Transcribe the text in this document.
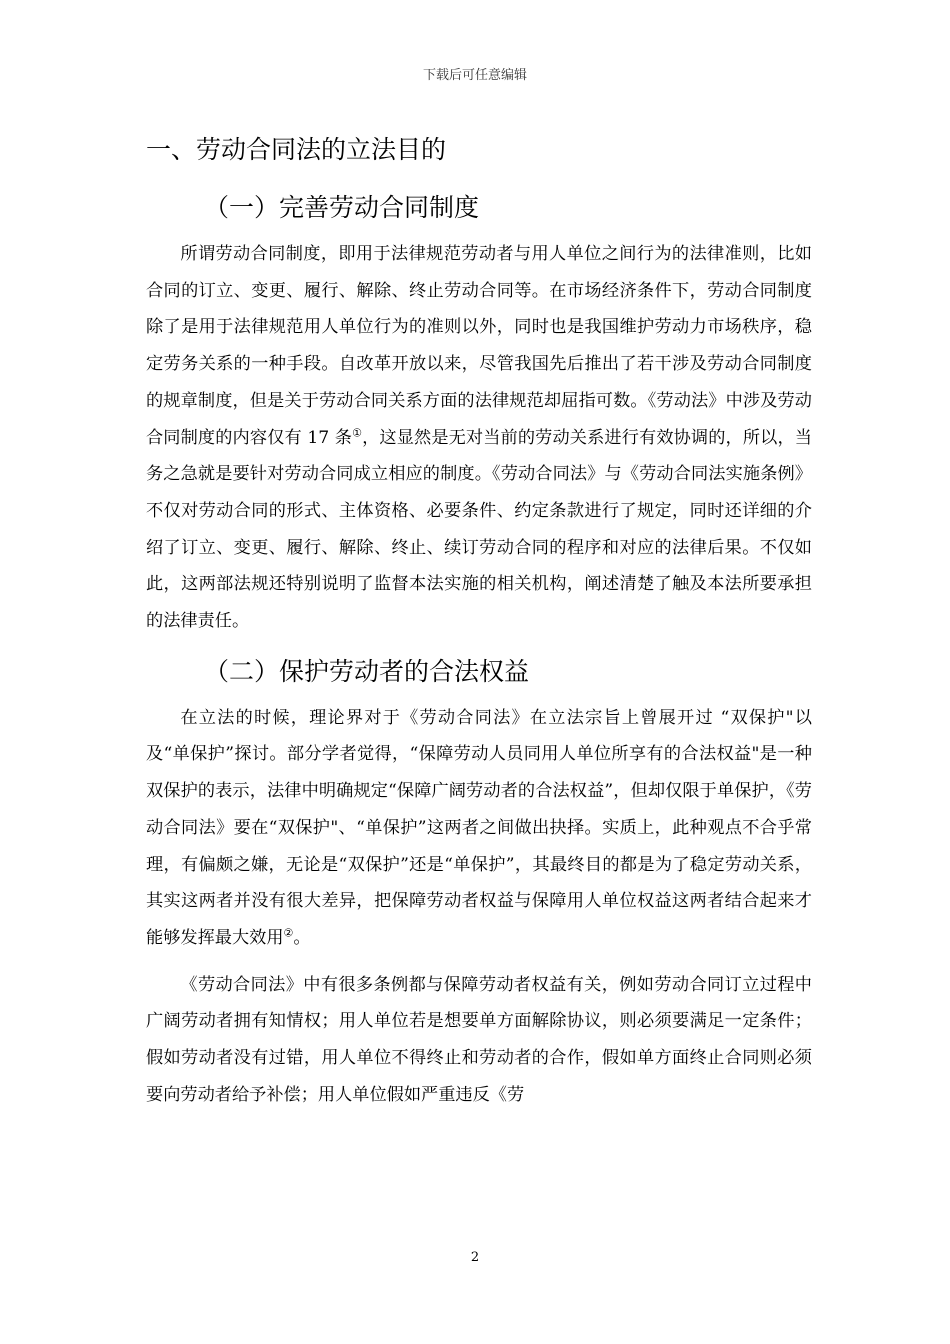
下载后可任意编辑
一、劳动合同法的立法目的
（一）完善劳动合同制度

所谓劳动合同制度，即用于法律规范劳动者与用人单位之间行为的法律准则，比如合同的订立、变更、履行、解除、终止劳动合同等。在市场经济条件下，劳动合同制度除了是用于法律规范用人单位行为的准则以外，同时也是我国维护劳动力市场秩序，稳定劳务关系的一种手段。自改革开放以来，尽管我国先后推出了若干涉及劳动合同制度的规章制度，但是关于劳动合同关系方面的法律规范却屈指可数。《劳动法》中涉及劳动合同制度的内容仅有 17 条①，这显然是无对当前的劳动关系进行有效协调的，所以，当务之急就是要针对劳动合同成立相应的制度。《劳动合同法》与《劳动合同法实施条例》不仅对劳动合同的形式、主体资格、必要条件、约定条款进行了规定，同时还详细的介绍了订立、变更、履行、解除、终止、续订劳动合同的程序和对应的法律后果。不仅如此，这两部法规还特别说明了监督本法实施的相关机构，阐述清楚了触及本法所要承担的法律责任。

（二）保护劳动者的合法权益

在立法的时候，理论界对于《劳动合同法》在立法宗旨上曾展开过 “双保护"以及“单保护”探讨。部分学者觉得，“保障劳动人员同用人单位所享有的合法权益"是一种双保护的表示，法律中明确规定“保障广阔劳动者的合法权益”，但却仅限于单保护，《劳动合同法》要在“双保护"、“单保护”这两者之间做出抉择。实质上，此种观点不合乎常理，有偏颇之嫌，无论是“双保护”还是“单保护”，其最终目的都是为了稳定劳动关系，其实这两者并没有很大差异，把保障劳动者权益与保障用人单位权益这两者结合起来才能够发挥最大效用②。

《劳动合同法》中有很多条例都与保障劳动者权益有关，例如劳动合同订立过程中广阔劳动者拥有知情权；用人单位若是想要单方面解除协议，则必须要满足一定条件；假如劳动者没有过错，用人单位不得终止和劳动者的合作，假如单方面终止合同则必须要向劳动者给予补偿；用人单位假如严重违反《劳

2
